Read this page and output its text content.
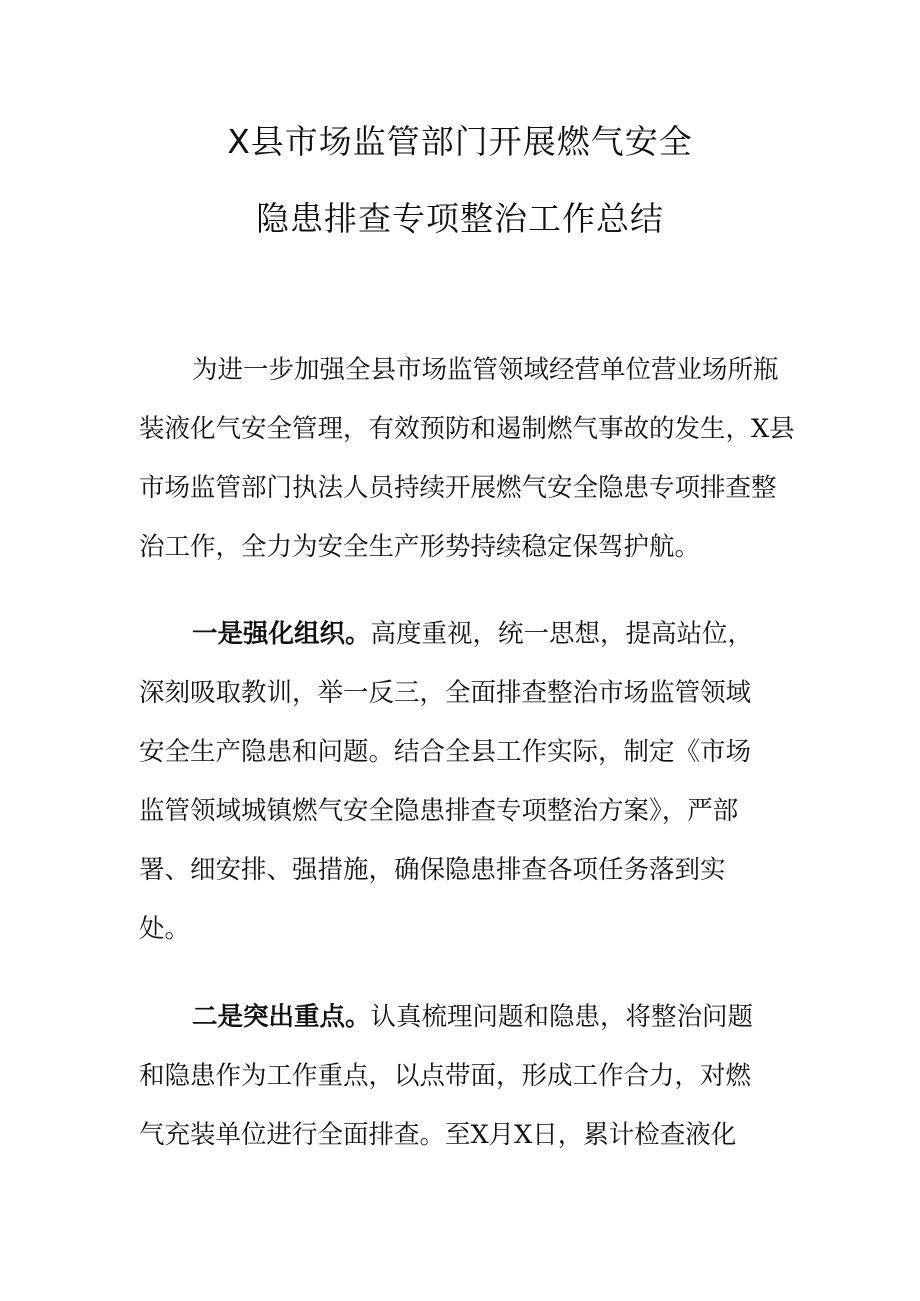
X县市场监管部门开展燃气安全
隐患排查专项整治工作总结

为进一步加强全县市场监管领域经营单位营业场所瓶装液化气安全管理，有效预防和遏制燃气事故的发生，X县市场监管部门执法人员持续开展燃气安全隐患专项排查整治工作，全力为安全生产形势持续稳定保驾护航。

一是强化组织。高度重视，统一思想，提高站位，深刻吸取教训，举一反三，全面排查整治市场监管领域安全生产隐患和问题。结合全县工作实际，制定《市场监管领域城镇燃气安全隐患排查专项整治方案》，严部署、细安排、强措施，确保隐患排查各项任务落到实处。

二是突出重点。认真梳理问题和隐患，将整治问题和隐患作为工作重点，以点带面，形成工作合力，对燃气充装单位进行全面排查。至X月X日，累计检查液化
